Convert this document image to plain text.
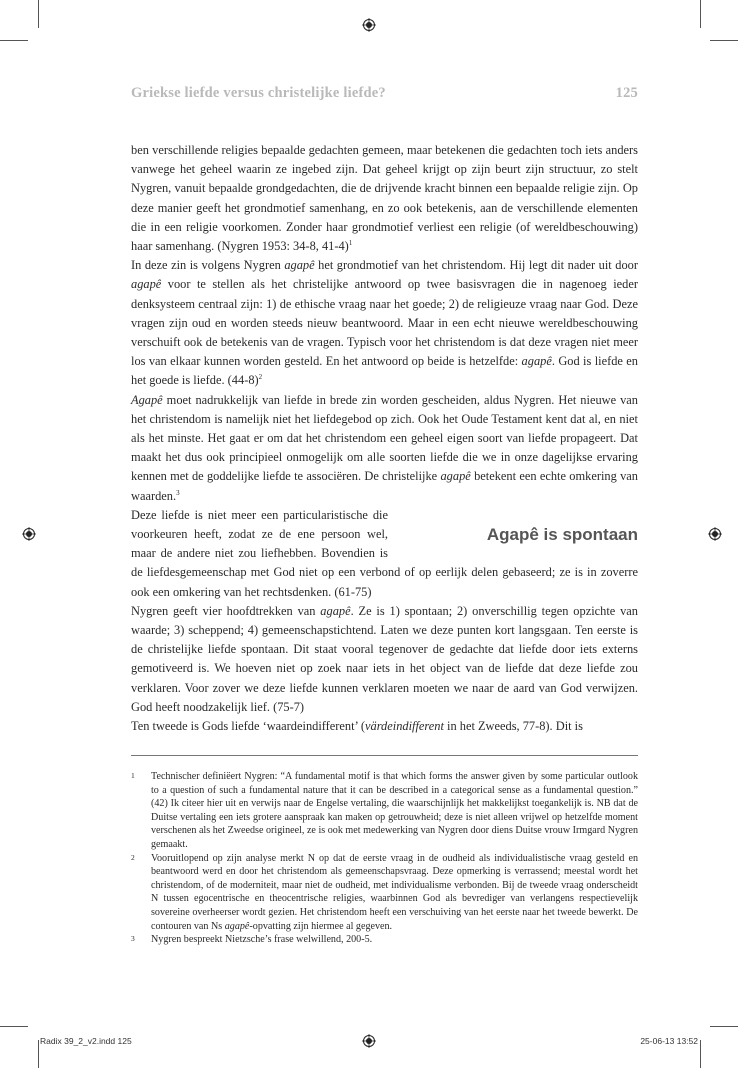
Griekse liefde versus christelijke liefde?	125

ben verschillende religies bepaalde gedachten gemeen, maar betekenen die gedachten toch iets anders vanwege het geheel waarin ze ingebed zijn. Dat geheel krijgt op zijn beurt zijn structuur, zo stelt Nygren, vanuit bepaalde grondgedachten, die de drijvende kracht binnen een bepaalde religie zijn. Op deze manier geeft het grondmotief samenhang, en zo ook betekenis, aan de verschillende elementen die in een religie voorkomen. Zonder haar grondmotief verliest een religie (of wereldbeschouwing) haar samenhang. (Nygren 1953: 34-8, 41-4)$^1$

In deze zin is volgens Nygren agapê het grondmotief van het christendom. Hij legt dit nader uit door agapê voor te stellen als het christelijke antwoord op twee basisvragen die in nagenoeg ieder denksysteem centraal zijn: 1) de ethische vraag naar het goede; 2) de religieuze vraag naar God. Deze vragen zijn oud en worden steeds nieuw beantwoord. Maar in een echt nieuwe wereldbeschouwing verschuift ook de betekenis van de vragen. Typisch voor het christendom is dat deze vragen niet meer los van elkaar kunnen worden gesteld. En het antwoord op beide is hetzelfde: agapê. God is liefde en het goede is liefde. $(44-8)^2$

Agapê moet nadrukkelijk van liefde in brede zin worden gescheiden, aldus Nygren. Het nieuwe van het christendom is namelijk niet het liefdegebod op zich. Ook het Oude Testament kent dat al, en niet als het minste. Het gaat er om dat het christendom een geheel eigen soort van liefde propageert. Dat maakt het dus ook principieel onmogelijk om alle soorten liefde die we in onze dagelijkse ervaring kennen met de goddelijke liefde te associëren. De christelijke agapê betekent een echte omkering van waarden.$^3$

Agapê is spontaan

Deze liefde is niet meer een particularistische die voorkeuren heeft, zodat ze de ene persoon wel, maar de andere niet zou liefhebben. Bovendien is de liefdesgemeenschap met God niet op een verbond of op eerlijk delen gebaseerd; ze is in zoverre ook een omkering van het rechtsdenken. (61-75)

Nygren geeft vier hoofdtrekken van agapê. Ze is 1) spontaan; 2) onverschillig tegen opzichte van waarde; 3) scheppend; 4) gemeenschapstichtend. Laten we deze punten kort langsgaan. Ten eerste is de christelijke liefde spontaan. Dit staat vooral tegenover de gedachte dat liefde door iets externs gemotiveerd is. We hoeven niet op zoek naar iets in het object van de liefde dat deze liefde zou verklaren. Voor zover we deze liefde kunnen verklaren moeten we naar de aard van God verwijzen. God heeft noodzakelijk lief. (75-7)

Ten tweede is Gods liefde ‘waardeindifferent’ (värdeindifferent in het Zweeds, 77-8). Dit is

1	Technischer definiëert Nygren: “A fundamental motif is that which forms the answer given by some particular outlook to a question of such a fundamental nature that it can be described in a categorical sense as a fundamental question.” (42) Ik citeer hier uit en verwijs naar de Engelse vertaling, die waarschijnlijk het makkelijkst toegankelijk is. NB dat de Duitse vertaling een iets grotere aanspraak kan maken op getrouwheid; deze is niet alleen vrijwel op hetzelfde moment verschenen als het Zweedse origineel, ze is ook met medewerking van Nygren door diens Duitse vrouw Irmgard Nygren gemaakt.
2	Vooruitlopend op zijn analyse merkt N op dat de eerste vraag in de oudheid als individualistische vraag gesteld en beantwoord werd en door het christendom als gemeenschapsvraag. Deze opmerking is verrassend; meestal wordt het christendom, of de moderniteit, maar niet de oudheid, met individualisme verbonden. Bij de tweede vraag onderscheidt N tussen egocentrische en theocentrische religies, waarbinnen God als bevrediger van verlangens respectievelijk sovereine overheerser wordt gezien. Het christendom heeft een verschuiving van het eerste naar het tweede bewerkt. De contouren van Ns agapê-opvatting zijn hiermee al gegeven.
3	Nygren bespreekt Nietzsche’s frase welwillend, 200-5.
Radix 39_2_v2.indd 125	25-06-13 13:52
